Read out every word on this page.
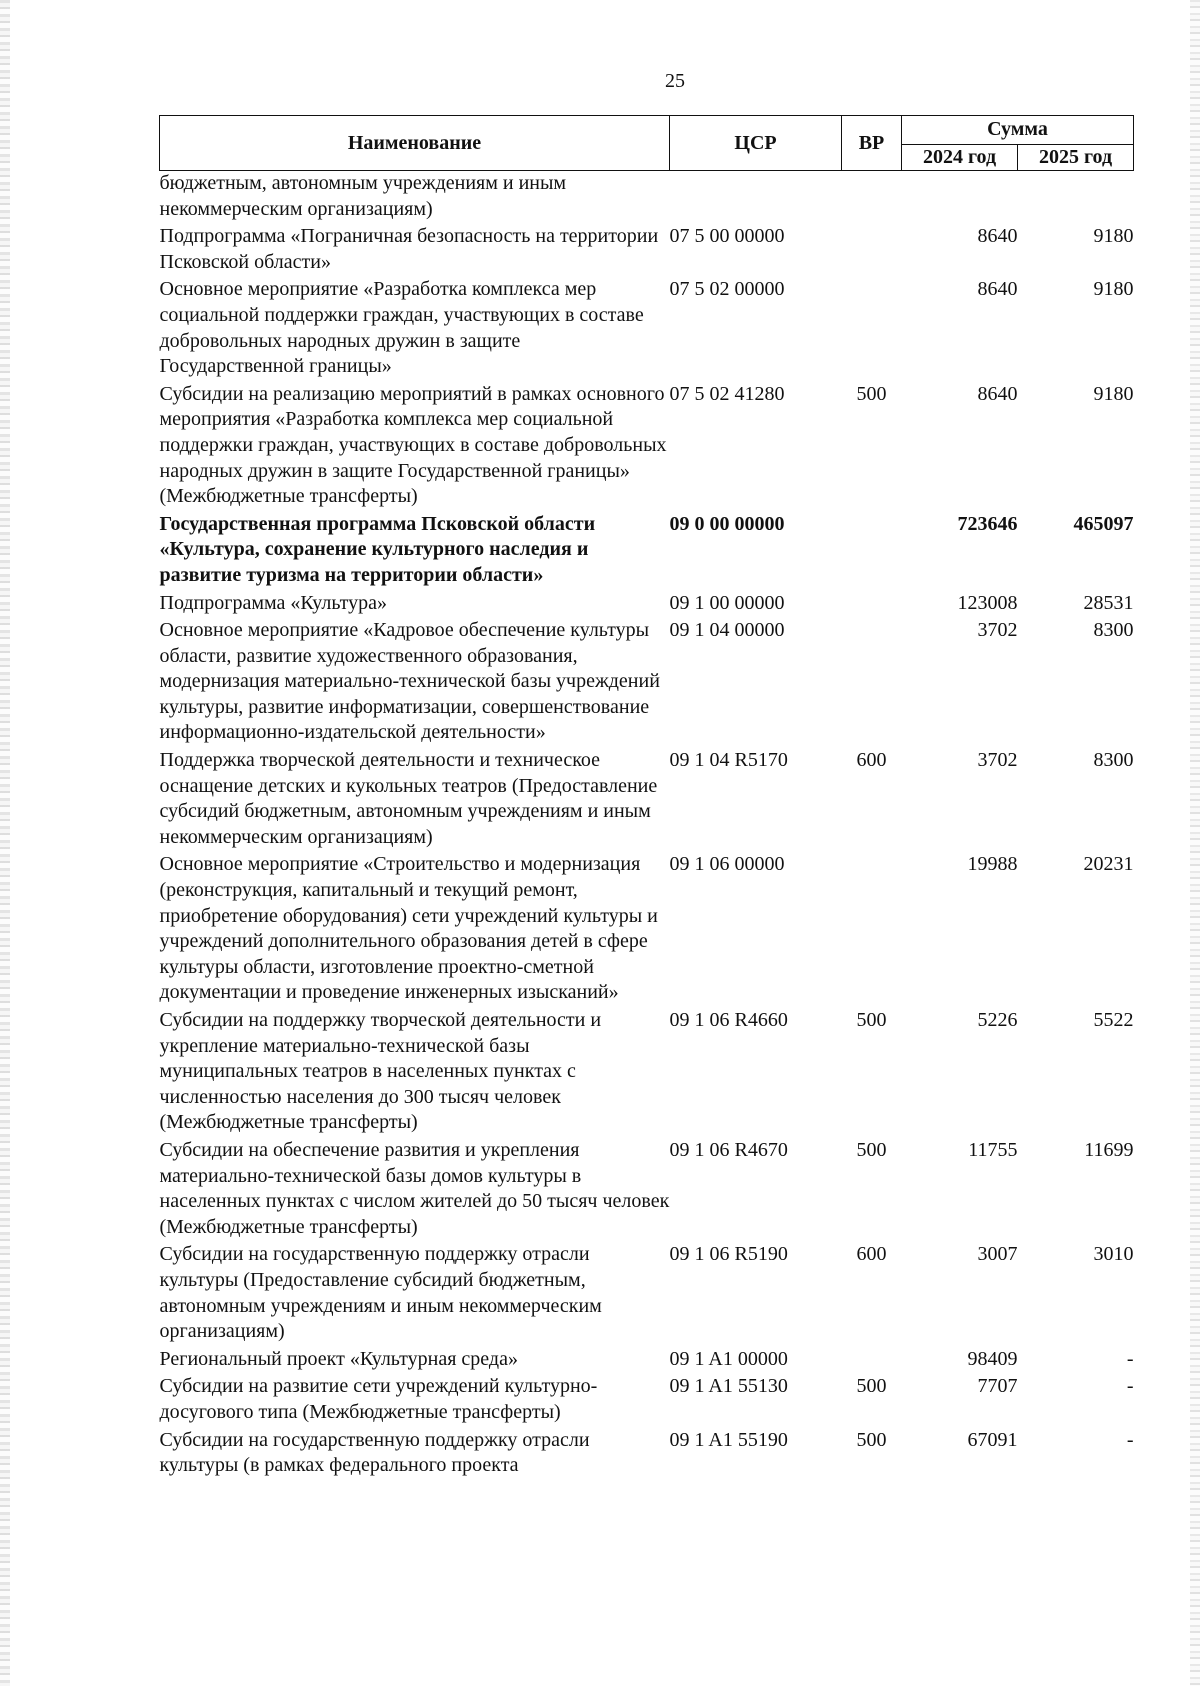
25
Наименование	ЦСР	ВР	Сумма	
			2024 год	2025 год
бюджетным, автономным учреждениям и иным некоммерческим организациям)				
Подпрограмма «Пограничная безопасность на территории Псковской области»	07 5 00 00000		8640	9180
Основное мероприятие «Разработка комплекса мер социальной поддержки граждан, участвующих в составе добровольных народных дружин в защите Государственной границы»	07 5 02 00000		8640	9180
Субсидии на реализацию мероприятий в рамках основного мероприятия «Разработка комплекса мер социальной поддержки граждан, участвующих в составе добровольных народных дружин в защите Государственной границы» (Межбюджетные трансферты)	07 5 02 41280	500	8640	9180
Государственная программа Псковской области «Культура, сохранение культурного наследия и развитие туризма на территории области»	09 0 00 00000		723646	465097
Подпрограмма «Культура»	09 1 00 00000		123008	28531
Основное мероприятие «Кадровое обеспечение культуры области, развитие художественного образования, модернизация материально-технической базы учреждений культуры, развитие информатизации, совершенствование информационно-издательской деятельности»	09 1 04 00000		3702	8300
Поддержка творческой деятельности и техническое оснащение детских и кукольных театров (Предоставление субсидий бюджетным, автономным учреждениям и иным некоммерческим организациям)	09 1 04 R5170	600	3702	8300
Основное мероприятие «Строительство и модернизация (реконструкция, капитальный и текущий ремонт, приобретение оборудования) сети учреждений культуры и учреждений дополнительного образования детей в сфере культуры области, изготовление проектно-сметной документации и проведение инженерных изысканий»	09 1 06 00000		19988	20231
Субсидии на поддержку творческой деятельности и укрепление материально-технической базы муниципальных театров в населенных пунктах с численностью населения до 300 тысяч человек (Межбюджетные трансферты)	09 1 06 R4660	500	5226	5522
Субсидии на обеспечение развития и укрепления материально-технической базы домов культуры в населенных пунктах с числом жителей до 50 тысяч человек (Межбюджетные трансферты)	09 1 06 R4670	500	11755	11699
Субсидии на государственную поддержку отрасли культуры (Предоставление субсидий бюджетным, автономным учреждениям и иным некоммерческим организациям)	09 1 06 R5190	600	3007	3010
Региональный проект «Культурная среда»	09 1 A1 00000		98409	-
Субсидии на развитие сети учреждений культурно-досугового типа (Межбюджетные трансферты)	09 1 A1 55130	500	7707	-
Субсидии на государственную поддержку отрасли культуры (в рамках федерального проекта	09 1 A1 55190	500	67091	-
